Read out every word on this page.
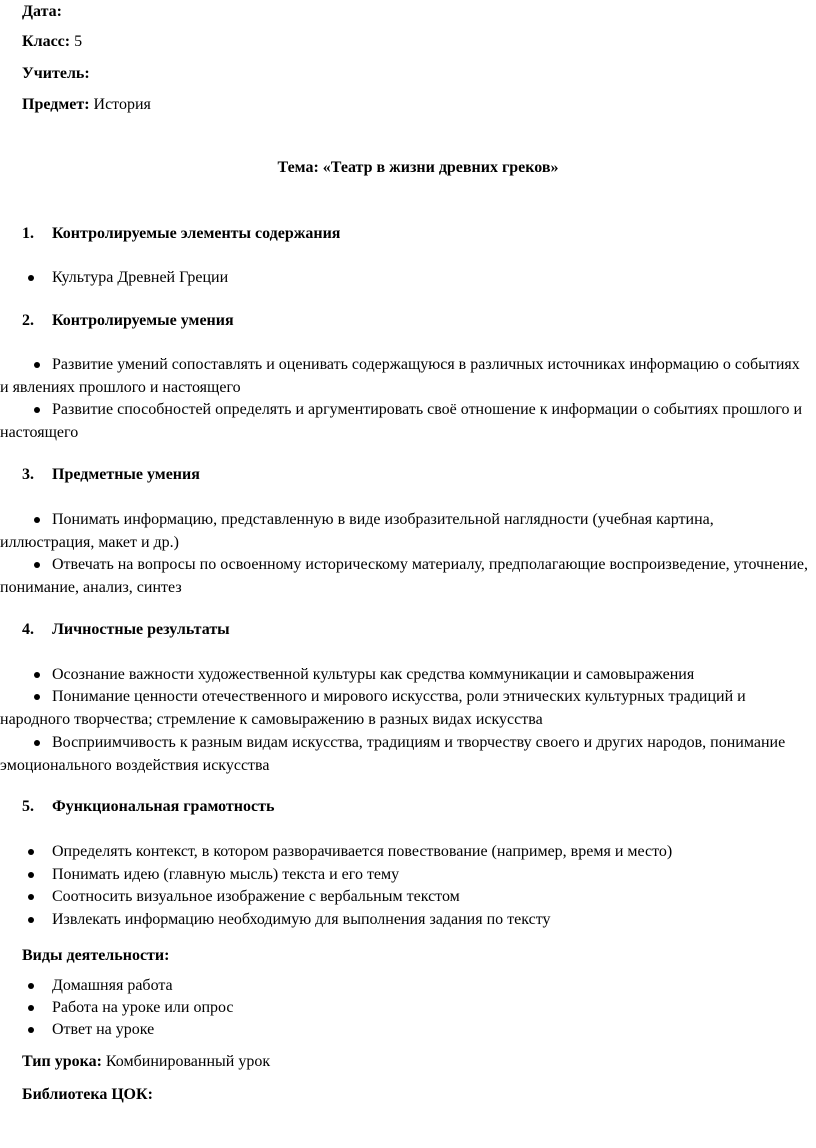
Дата:
Класс: 5
Учитель:
Предмет: История
Тема: «Театр в жизни древних греков»
1. Контролируемые элементы содержания
Культура Древней Греции
2. Контролируемые умения
Развитие умений сопоставлять и оценивать содержащуюся в различных источниках информацию о событиях и явлениях прошлого и настоящего
Развитие способностей определять и аргументировать своё отношение к информации о событиях прошлого и настоящего
3. Предметные умения
Понимать информацию, представленную в виде изобразительной наглядности (учебная картина, иллюстрация, макет и др.)
Отвечать на вопросы по освоенному историческому материалу, предполагающие воспроизведение, уточнение, понимание, анализ, синтез
4. Личностные результаты
Осознание важности художественной культуры как средства коммуникации и самовыражения
Понимание ценности отечественного и мирового искусства, роли этнических культурных традиций и народного творчества; стремление к самовыражению в разных видах искусства
Восприимчивость к разным видам искусства, традициям и творчеству своего и других народов, понимание эмоционального воздействия искусства
5. Функциональная грамотность
Определять контекст, в котором разворачивается повествование (например, время и место)
Понимать идею (главную мысль) текста и его тему
Соотносить визуальное изображение с вербальным текстом
Извлекать информацию необходимую для выполнения задания по тексту
Виды деятельности:
Домашняя работа
Работа на уроке или опрос
Ответ на уроке
Тип урока: Комбинированный урок
Библиотека ЦОК:
